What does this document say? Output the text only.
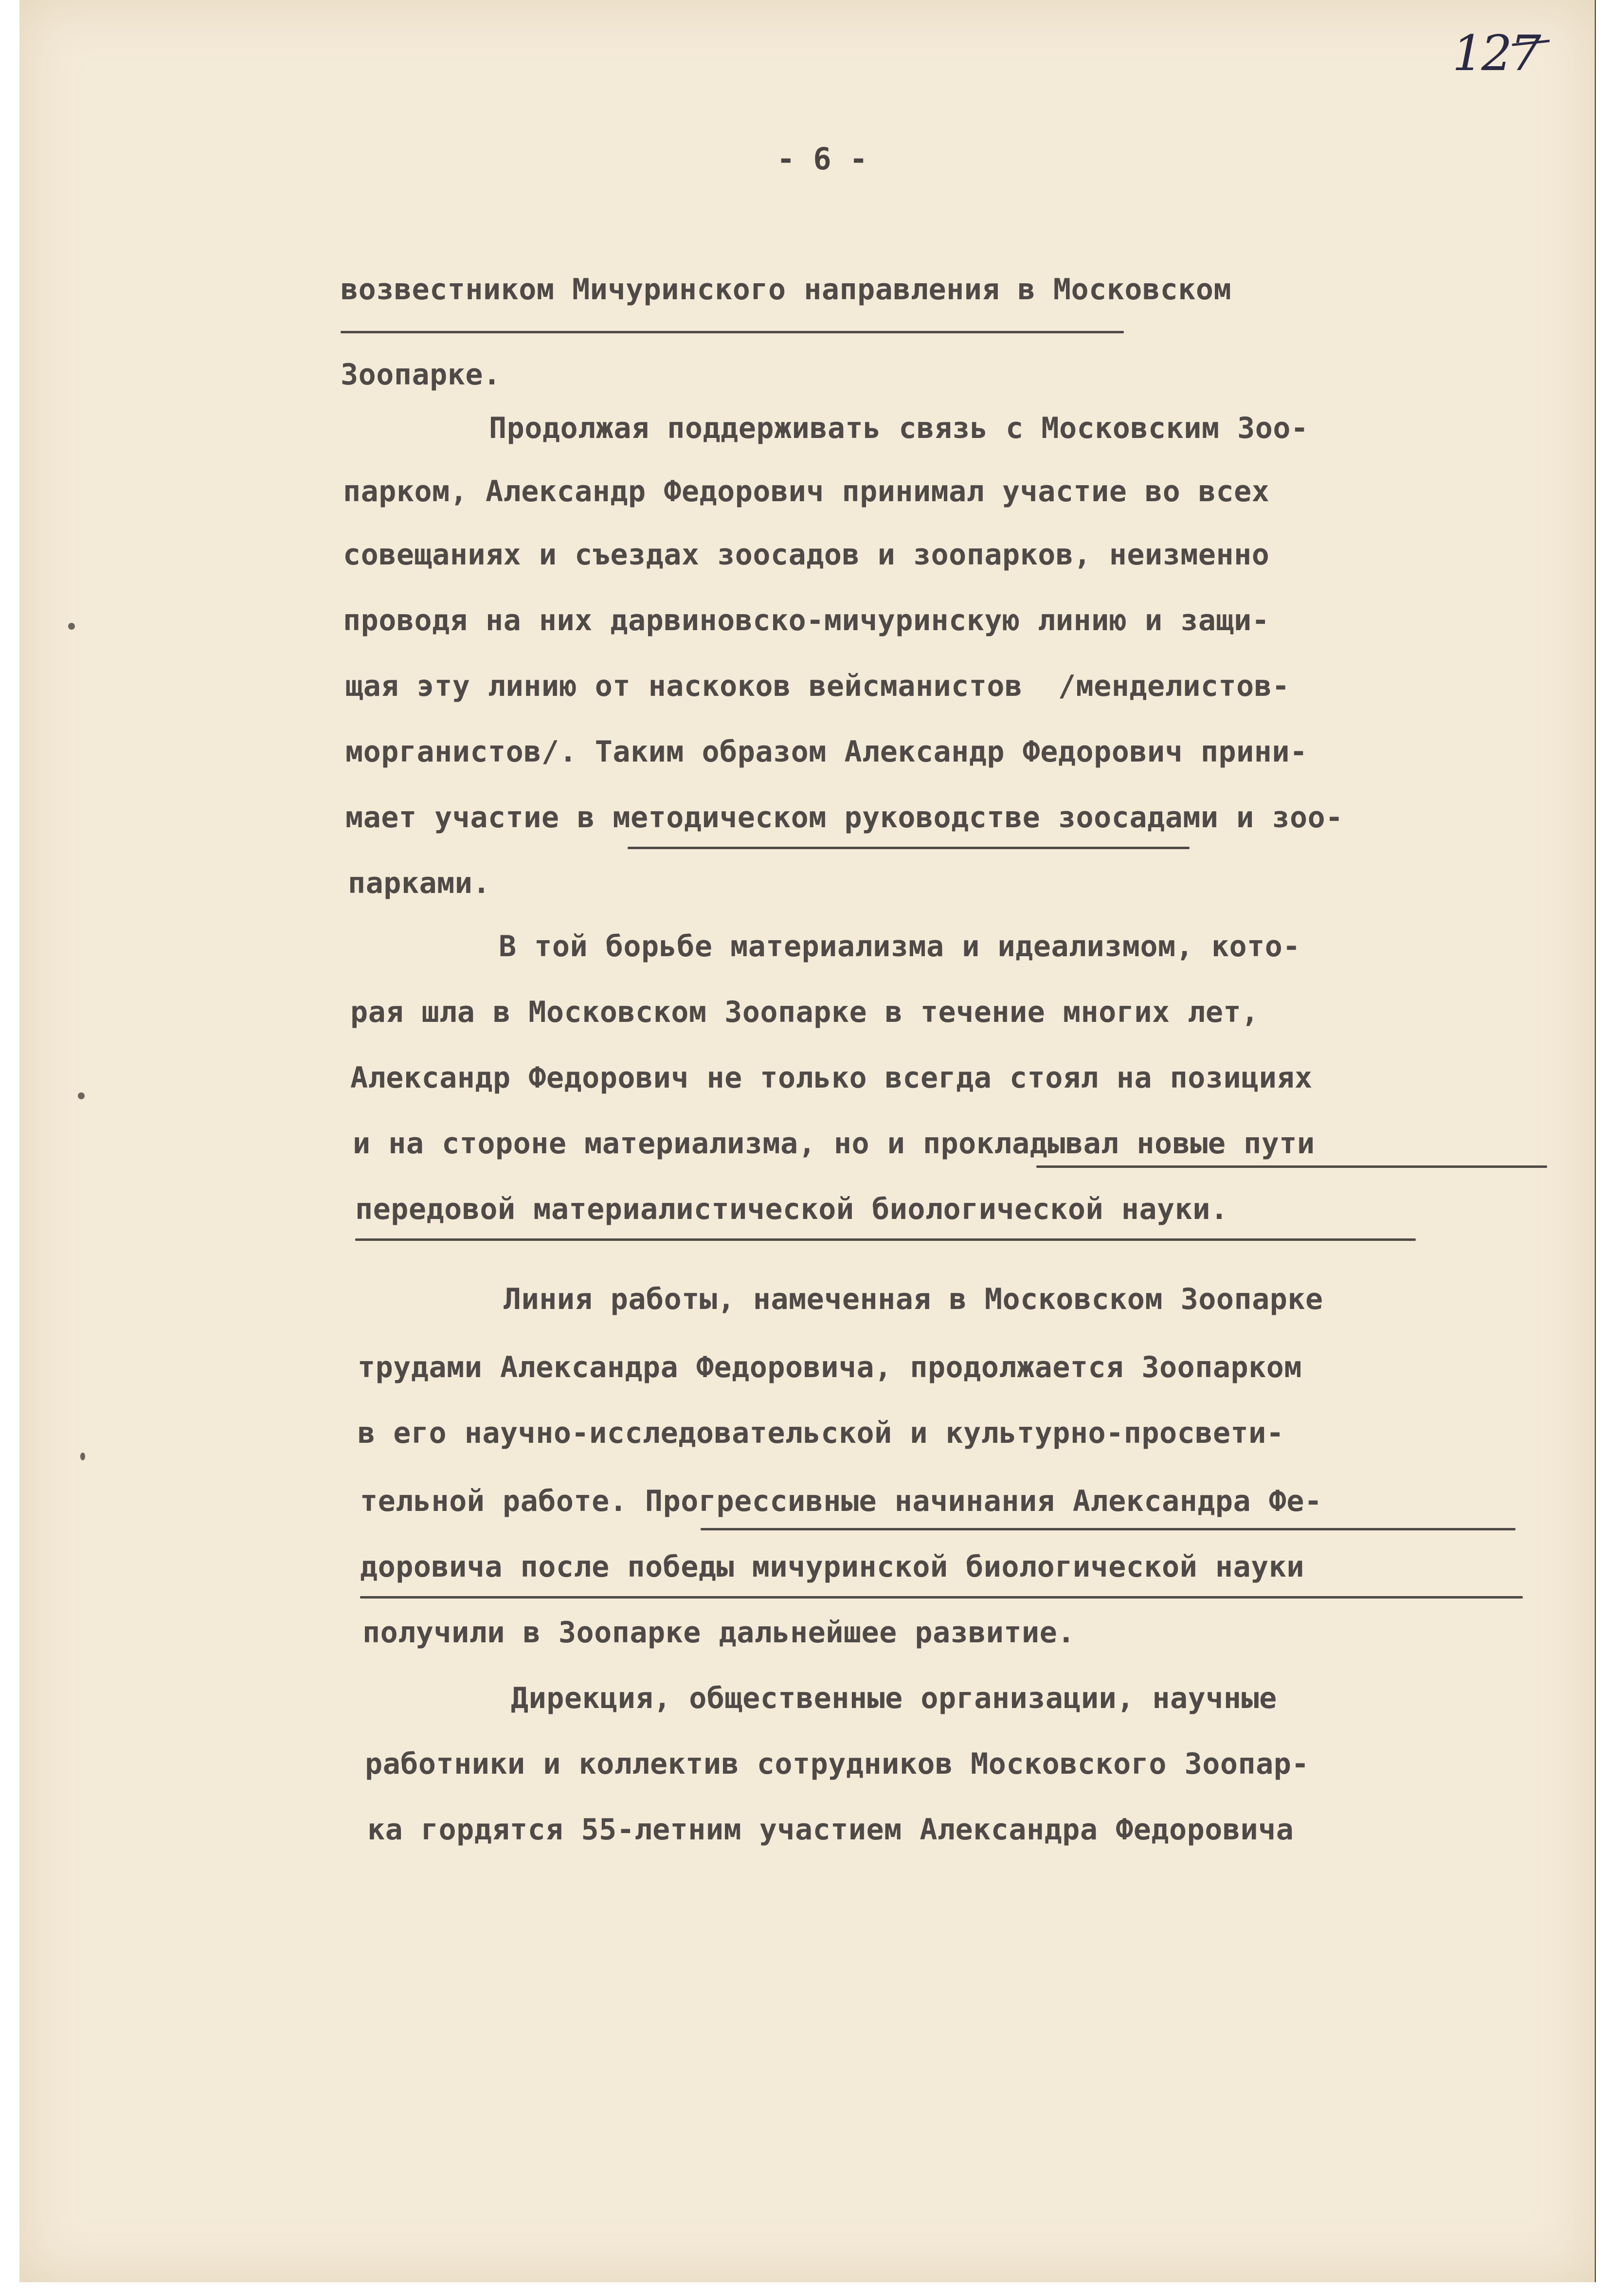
127
- 6 -
возвестником Мичуринского направления в Московском
Зоопарке.
Продолжая поддерживать связь с Московским Зоо-
парком, Александр Федорович принимал участие во всех
совещаниях и съездах зоосадов и зоопарков, неизменно
проводя на них дарвиновско-мичуринскую линию и защи-
щая эту линию от наскоков вейсманистов  /менделистов-
морганистов/. Таким образом Александр Федорович прини-
мает участие в методическом руководстве зоосадами и зоо-
парками.
В той борьбе материализма и идеализмом, кото-
рая шла в Московском Зоопарке в течение многих лет,
Александр Федорович не только всегда стоял на позициях
и на стороне материализма, но и прокладывал новые пути
передовой материалистической биологической науки.
Линия работы, намеченная в Московском Зоопарке
трудами Александра Федоровича, продолжается Зоопарком
в его научно-исследовательской и культурно-просвети-
тельной работе. Прогрессивные начинания Александра Фе-
доровича после победы мичуринской биологической науки
получили в Зоопарке дальнейшее развитие.
Дирекция, общественные организации, научные
работники и коллектив сотрудников Московского Зоопар-
ка гордятся 55-летним участием Александра Федоровича
